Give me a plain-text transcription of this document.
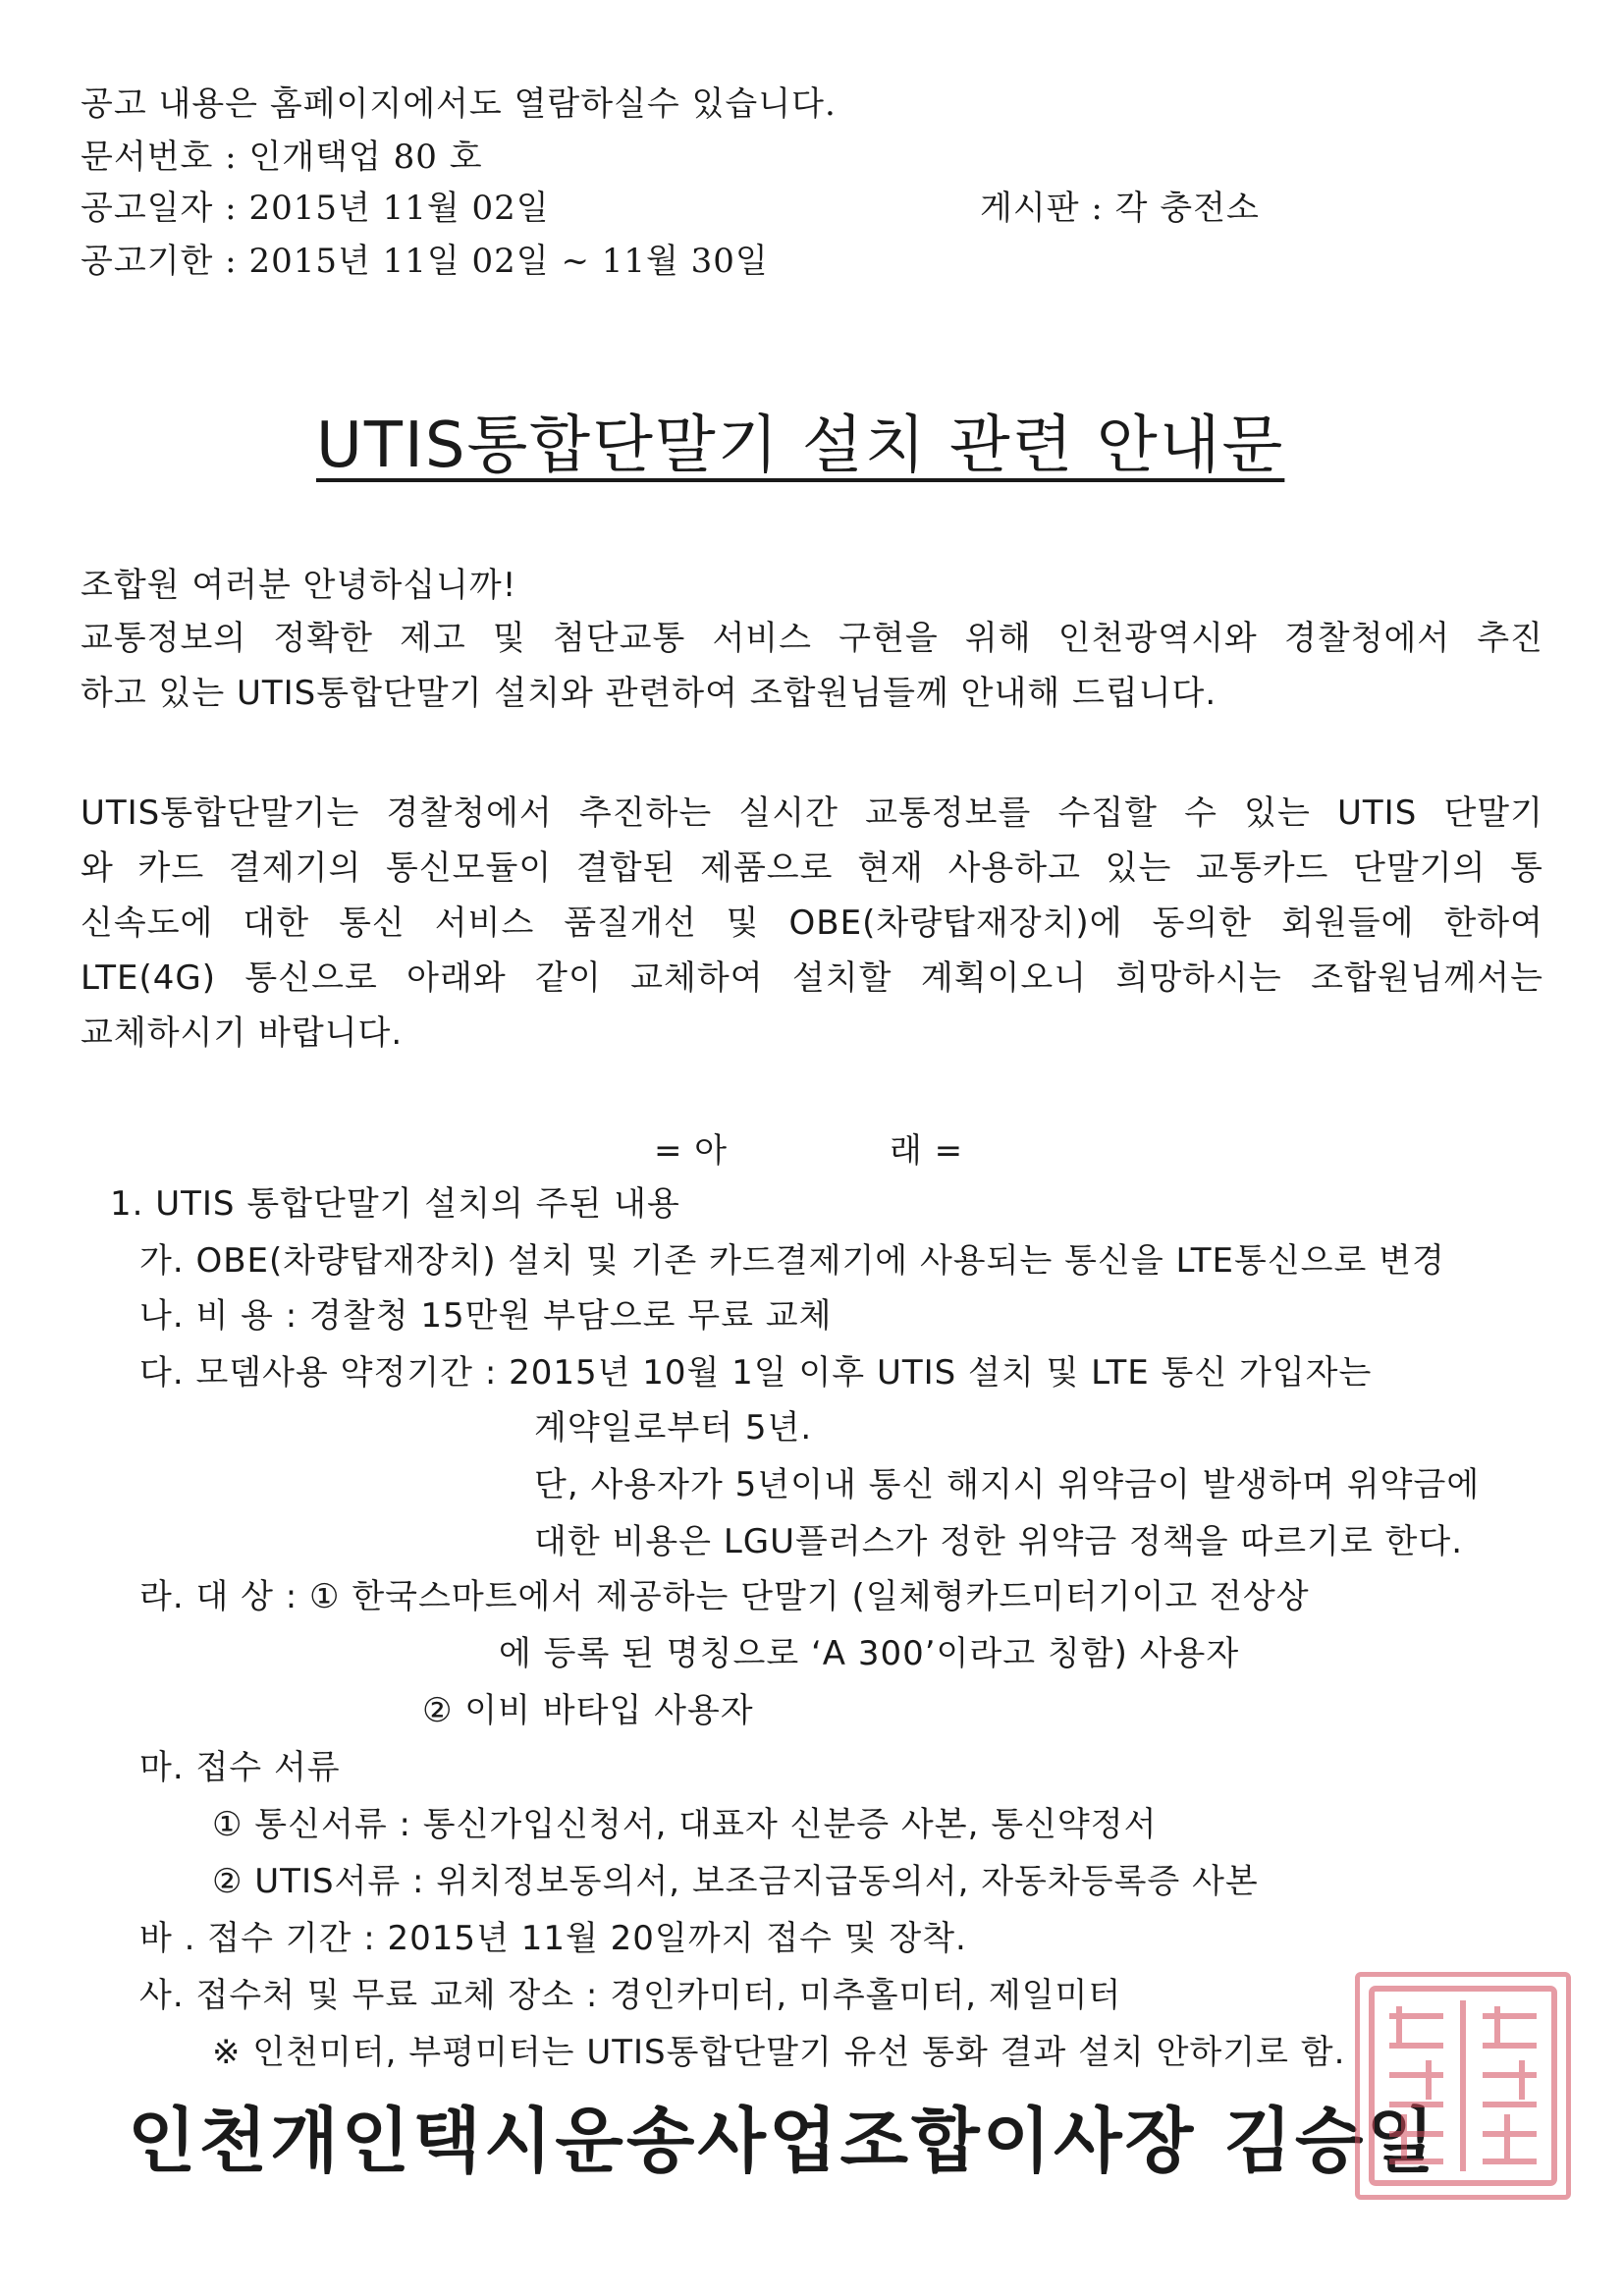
공고 내용은 홈페이지에서도 열람하실수 있습니다.
문서번호 : 인개택업 80 호
공고일자 : 2015년 11월 02일	게시판 : 각 충전소
공고기한 : 2015년 11일 02일 ~ 11월 30일
UTIS통합단말기 설치 관련 안내문
조합원 여러분 안녕하십니까!
교통정보의 정확한 제고 및 첨단교통 서비스 구현을 위해 인천광역시와 경찰청에서 추진
하고 있는 UTIS통합단말기 설치와 관련하여 조합원님들께 안내해 드립니다.
UTIS통합단말기는 경찰청에서 추진하는 실시간 교통정보를 수집할 수 있는 UTIS 단말기
와 카드 결제기의 통신모듈이 결합된 제품으로 현재 사용하고 있는 교통카드 단말기의 통
신속도에 대한 통신 서비스 품질개선 및 OBE(차량탑재장치)에 동의한 회원들에 한하여
LTE(4G) 통신으로 아래와 같이 교체하여 설치할 계획이오니 희망하시는 조합원님께서는
교체하시기 바랍니다.
= 아	래 =
1. UTIS 통합단말기 설치의 주된 내용
가. OBE(차량탑재장치) 설치 및 기존 카드결제기에 사용되는 통신을 LTE통신으로 변경
나. 비 용 : 경찰청 15만원 부담으로 무료 교체
다. 모뎀사용 약정기간 : 2015년 10월 1일 이후 UTIS 설치 및 LTE 통신 가입자는
계약일로부터 5년.
단, 사용자가 5년이내 통신 해지시 위약금이 발생하며 위약금에
대한 비용은 LGU플러스가 정한 위약금 정책을 따르기로 한다.
라. 대 상 : ① 한국스마트에서 제공하는 단말기 (일체형카드미터기이고 전상상
에 등록 된 명칭으로 ‘A 300’이라고 칭함) 사용자
② 이비 바타입 사용자
마. 접수 서류
① 통신서류 : 통신가입신청서, 대표자 신분증 사본, 통신약정서
② UTIS서류 : 위치정보동의서, 보조금지급동의서, 자동차등록증 사본
바 . 접수 기간 : 2015년 11월 20일까지 접수 및 장착.
사. 접수처 및 무료 교체 장소 : 경인카미터, 미추홀미터, 제일미터
※ 인천미터, 부평미터는 UTIS통합단말기 유선 통화 결과 설치 안하기로 함.
인천개인택시운송사업조합이사장 김승일
